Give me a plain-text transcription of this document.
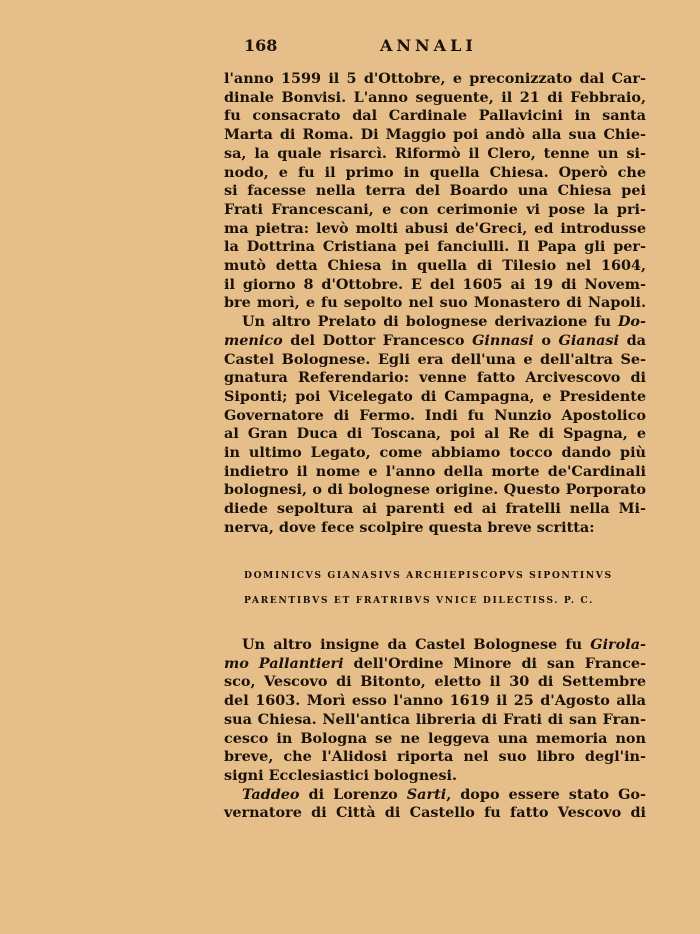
168	ANNALI

l'anno 1599 il 5 d'Ottobre, e preconizzato dal Car-
dinale Bonvisi. L'anno seguente, il 21 di Febbraio,
fu consacrato dal Cardinale Pallavicini in santa
Marta di Roma. Di Maggio poi andò alla sua Chie-
sa, la quale risarcì. Riformò il Clero, tenne un si-
nodo, e fu il primo in quella Chiesa. Operò che
si facesse nella terra del Boardo una Chiesa pei
Frati Francescani, e con cerimonie vi pose la pri-
ma pietra: levò molti abusi de'Greci, ed introdusse
la Dottrina Cristiana pei fanciulli. Il Papa gli per-
mutò detta Chiesa in quella di Tilesio nel 1604,
il giorno 8 d'Ottobre. E del 1605 ai 19 di Novem-
bre morì, e fu sepolto nel suo Monastero di Napoli.

Un altro Prelato di bolognese derivazione fu Do-
menico del Dottor Francesco Ginnasi o Gianasi da
Castel Bolognese. Egli era dell'una e dell'altra Se-
gnatura Referendario: venne fatto Arcivescovo di
Siponti; poi Vicelegato di Campagna, e Presidente
Governatore di Fermo. Indi fu Nunzio Apostolico
al Gran Duca di Toscana, poi al Re di Spagna, e
in ultimo Legato, come abbiamo tocco dando più
indietro il nome e l'anno della morte de'Cardinali
bolognesi, o di bolognese origine. Questo Porporato
diede sepoltura ai parenti ed ai fratelli nella Mi-
nerva, dove fece scolpire questa breve scritta:

DOMINICVS GIANASIVS ARCHIEPISCOPVS SIPONTINVS
PARENTIBVS ET FRATRIBVS VNICE DILECTISS. P. C.

Un altro insigne da Castel Bolognese fu Girola-
mo Pallantieri dell'Ordine Minore di san France-
sco, Vescovo di Bitonto, eletto il 30 di Settembre
del 1603. Morì esso l'anno 1619 il 25 d'Agosto alla
sua Chiesa. Nell'antica libreria di Frati di san Fran-
cesco in Bologna se ne leggeva una memoria non
breve, che l'Alidosi riporta nel suo libro degl'in-
signi Ecclesiastici bolognesi.

Taddeo di Lorenzo Sarti, dopo essere stato Go-
vernatore di Città di Castello fu fatto Vescovo di
